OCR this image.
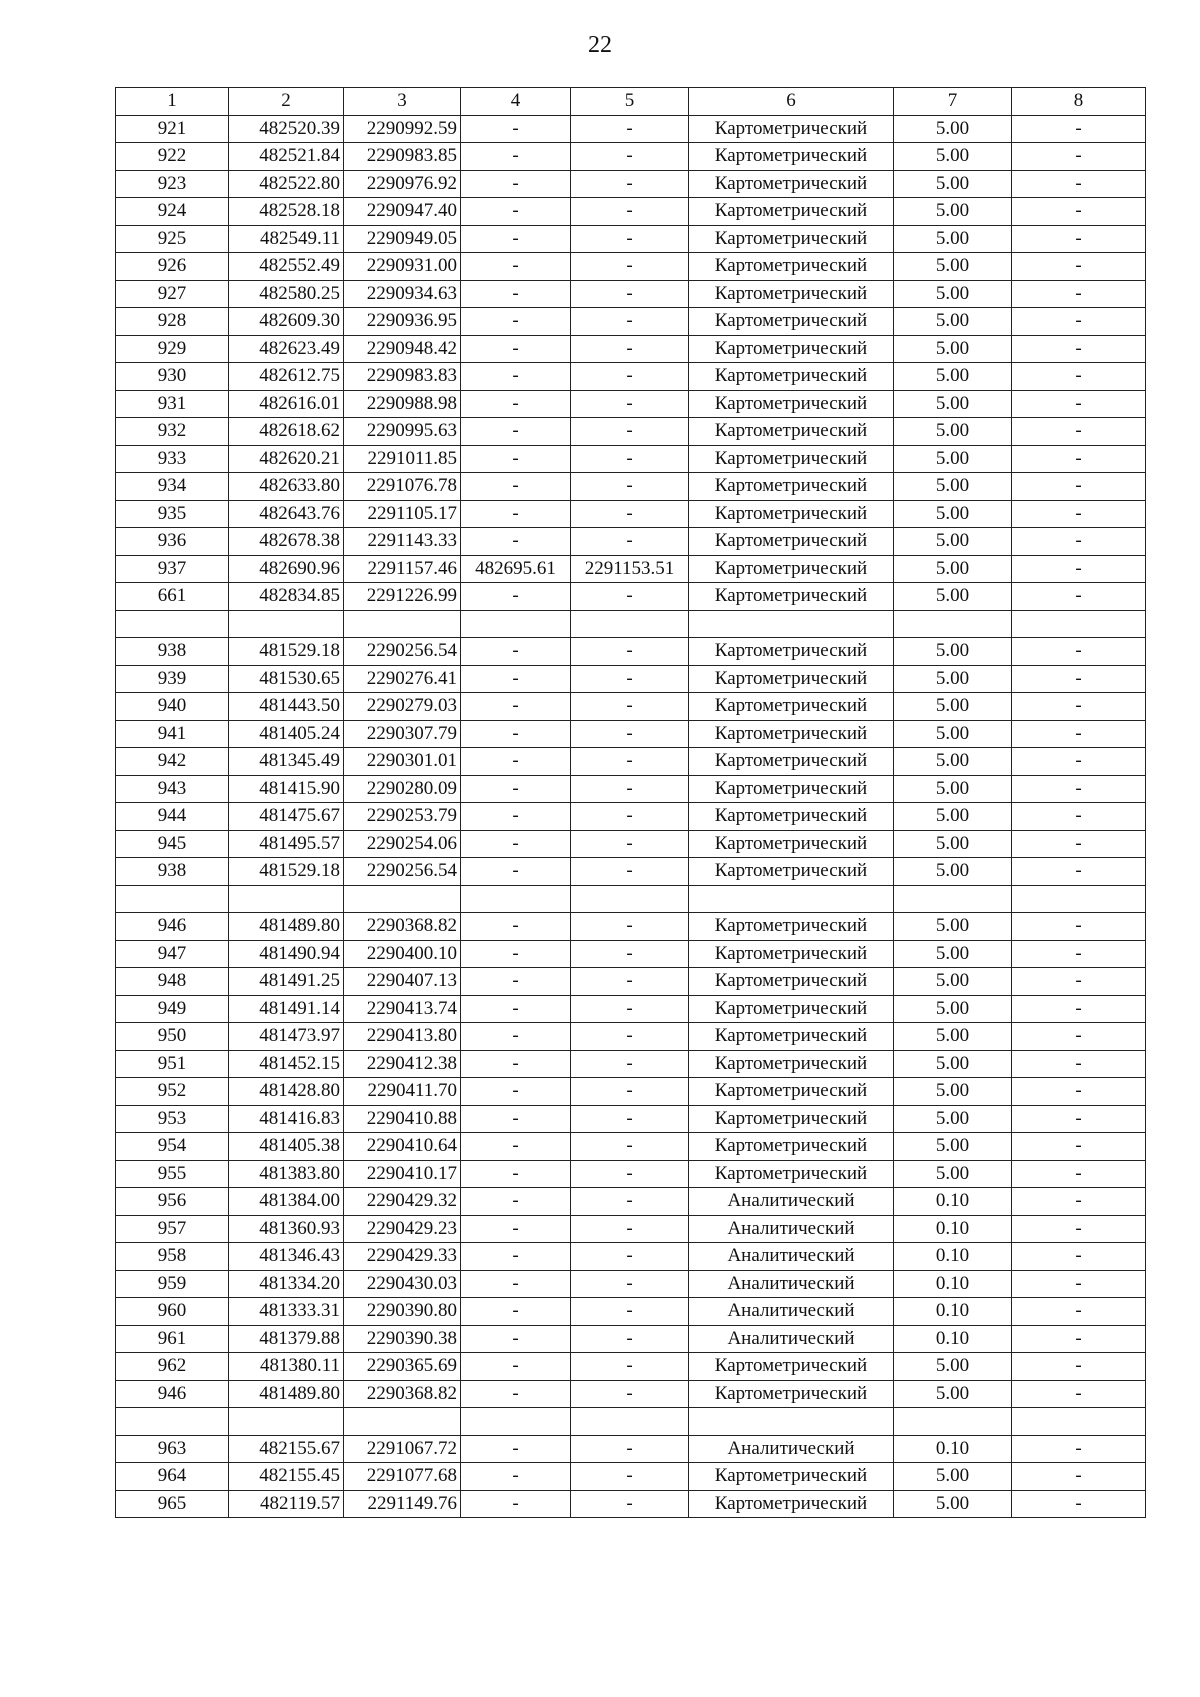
22
1	2	3	4	5	6	7	8
921	482520.39	2290992.59	-	-	Картометрический	5.00	-
922	482521.84	2290983.85	-	-	Картометрический	5.00	-
923	482522.80	2290976.92	-	-	Картометрический	5.00	-
924	482528.18	2290947.40	-	-	Картометрический	5.00	-
925	482549.11	2290949.05	-	-	Картометрический	5.00	-
926	482552.49	2290931.00	-	-	Картометрический	5.00	-
927	482580.25	2290934.63	-	-	Картометрический	5.00	-
928	482609.30	2290936.95	-	-	Картометрический	5.00	-
929	482623.49	2290948.42	-	-	Картометрический	5.00	-
930	482612.75	2290983.83	-	-	Картометрический	5.00	-
931	482616.01	2290988.98	-	-	Картометрический	5.00	-
932	482618.62	2290995.63	-	-	Картометрический	5.00	-
933	482620.21	2291011.85	-	-	Картометрический	5.00	-
934	482633.80	2291076.78	-	-	Картометрический	5.00	-
935	482643.76	2291105.17	-	-	Картометрический	5.00	-
936	482678.38	2291143.33	-	-	Картометрический	5.00	-
937	482690.96	2291157.46	482695.61	2291153.51	Картометрический	5.00	-
661	482834.85	2291226.99	-	-	Картометрический	5.00	-

938	481529.18	2290256.54	-	-	Картометрический	5.00	-
939	481530.65	2290276.41	-	-	Картометрический	5.00	-
940	481443.50	2290279.03	-	-	Картометрический	5.00	-
941	481405.24	2290307.79	-	-	Картометрический	5.00	-
942	481345.49	2290301.01	-	-	Картометрический	5.00	-
943	481415.90	2290280.09	-	-	Картометрический	5.00	-
944	481475.67	2290253.79	-	-	Картометрический	5.00	-
945	481495.57	2290254.06	-	-	Картометрический	5.00	-
938	481529.18	2290256.54	-	-	Картометрический	5.00	-

946	481489.80	2290368.82	-	-	Картометрический	5.00	-
947	481490.94	2290400.10	-	-	Картометрический	5.00	-
948	481491.25	2290407.13	-	-	Картометрический	5.00	-
949	481491.14	2290413.74	-	-	Картометрический	5.00	-
950	481473.97	2290413.80	-	-	Картометрический	5.00	-
951	481452.15	2290412.38	-	-	Картометрический	5.00	-
952	481428.80	2290411.70	-	-	Картометрический	5.00	-
953	481416.83	2290410.88	-	-	Картометрический	5.00	-
954	481405.38	2290410.64	-	-	Картометрический	5.00	-
955	481383.80	2290410.17	-	-	Картометрический	5.00	-
956	481384.00	2290429.32	-	-	Аналитический	0.10	-
957	481360.93	2290429.23	-	-	Аналитический	0.10	-
958	481346.43	2290429.33	-	-	Аналитический	0.10	-
959	481334.20	2290430.03	-	-	Аналитический	0.10	-
960	481333.31	2290390.80	-	-	Аналитический	0.10	-
961	481379.88	2290390.38	-	-	Аналитический	0.10	-
962	481380.11	2290365.69	-	-	Картометрический	5.00	-
946	481489.80	2290368.82	-	-	Картометрический	5.00	-

963	482155.67	2291067.72	-	-	Аналитический	0.10	-
964	482155.45	2291077.68	-	-	Картометрический	5.00	-
965	482119.57	2291149.76	-	-	Картометрический	5.00	-
